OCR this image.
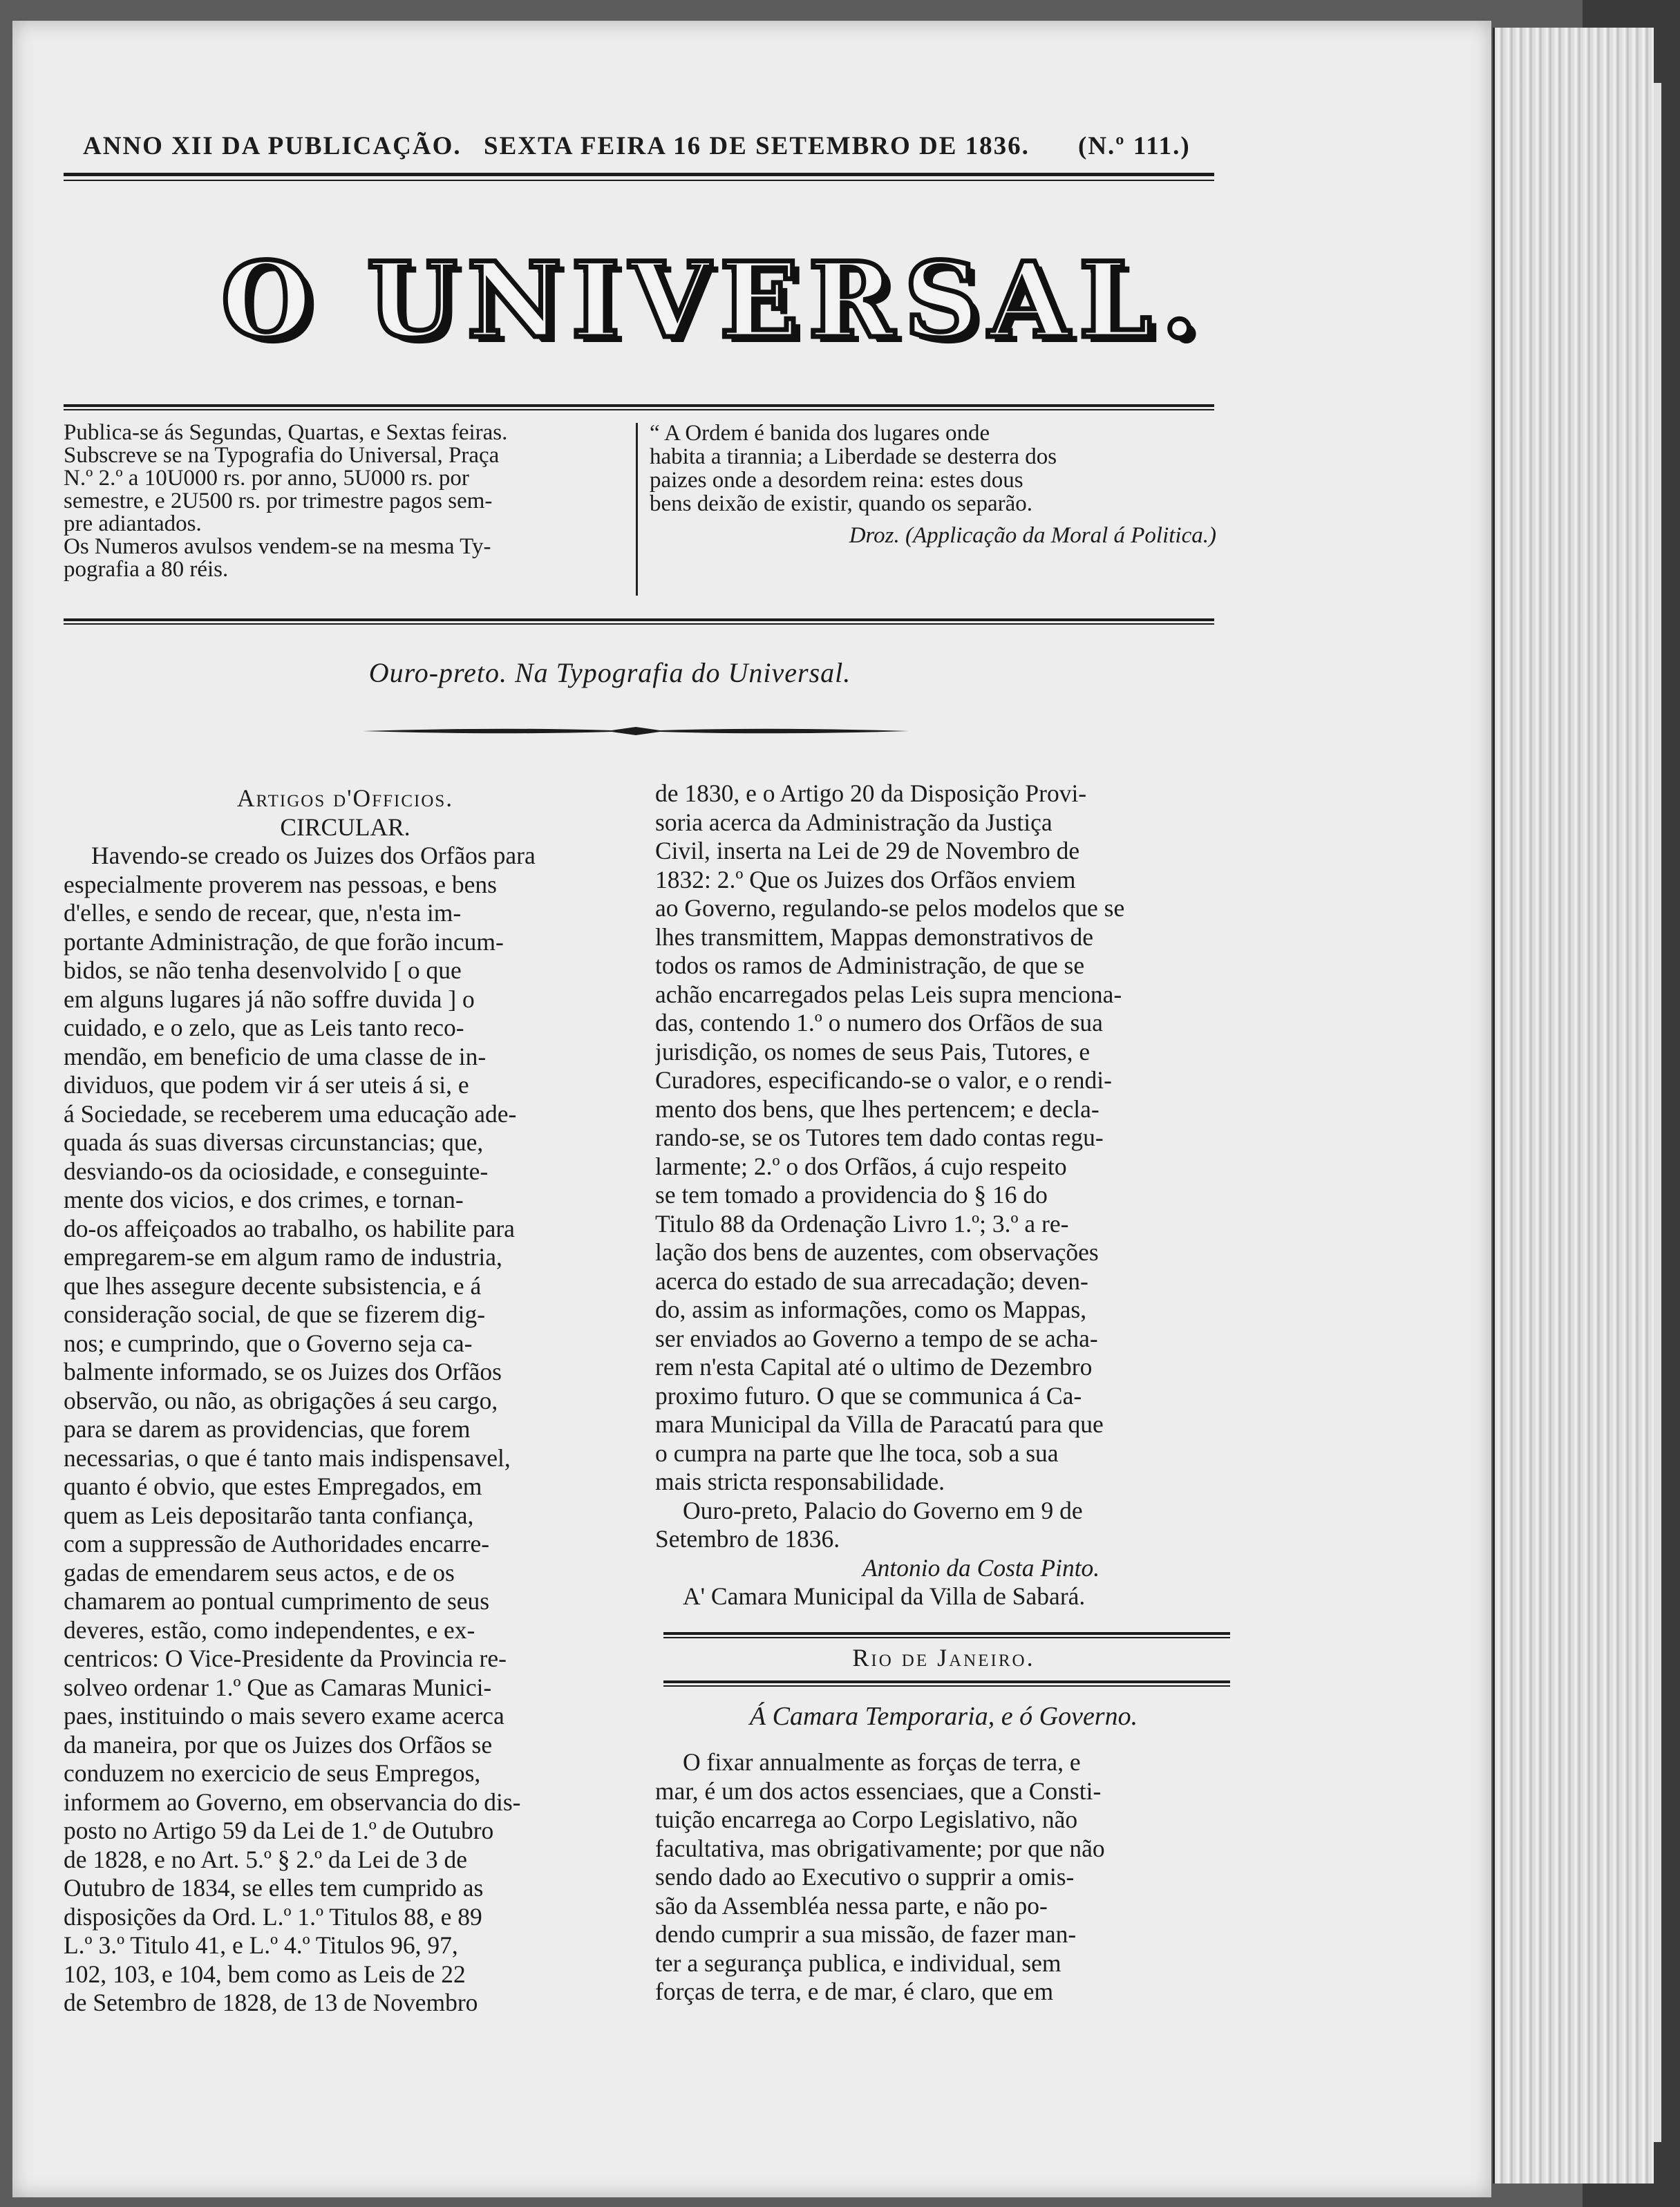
ANNO XII DA PUBLICAÇÃO. SEXTA FEIRA 16 DE SETEMBRO DE 1836. (N.º 111.)
O UNIVERSAL.
Publica-se ás Segundas, Quartas, e Sextas feiras.
Subscreve se na Typografia do Universal, Praça
N.º 2.º a 10U000 rs. por anno, 5U000 rs. por
semestre, e 2U500 rs. por trimestre pagos sem-
pre adiantados.
Os Numeros avulsos vendem-se na mesma Ty-
pografia a 80 réis.
“ A Ordem é banida dos lugares onde
habita a tirannia; a Liberdade se desterra dos
paizes onde a desordem reina: estes dous
bens deixão de existir, quando os separão.
Droz. (Applicação da Moral á Politica.)
Ouro-preto. Na Typografia do Universal.
Artigos d'Officios.
CIRCULAR.
Havendo-se creado os Juizes dos Orfãos para
especialmente proverem nas pessoas, e bens
d'elles, e sendo de recear, que, n'esta im-
portante Administração, de que forão incum-
bidos, se não tenha desenvolvido [ o que
em alguns lugares já não soffre duvida ] o
cuidado, e o zelo, que as Leis tanto reco-
mendão, em beneficio de uma classe de in-
dividuos, que podem vir á ser uteis á si, e
á Sociedade, se receberem uma educação ade-
quada ás suas diversas circunstancias; que,
desviando-os da ociosidade, e conseguinte-
mente dos vicios, e dos crimes, e tornan-
do-os affeiçoados ao trabalho, os habilite para
empregarem-se em algum ramo de industria,
que lhes assegure decente subsistencia, e á
consideração social, de que se fizerem dig-
nos; e cumprindo, que o Governo seja ca-
balmente informado, se os Juizes dos Orfãos
observão, ou não, as obrigações á seu cargo,
para se darem as providencias, que forem
necessarias, o que é tanto mais indispensavel,
quanto é obvio, que estes Empregados, em
quem as Leis depositarão tanta confiança,
com a suppressão de Authoridades encarre-
gadas de emendarem seus actos, e de os
chamarem ao pontual cumprimento de seus
deveres, estão, como independentes, e ex-
centricos: O Vice-Presidente da Provincia re-
solveo ordenar 1.º Que as Camaras Munici-
paes, instituindo o mais severo exame acerca
da maneira, por que os Juizes dos Orfãos se
conduzem no exercicio de seus Empregos,
informem ao Governo, em observancia do dis-
posto no Artigo 59 da Lei de 1.º de Outubro
de 1828, e no Art. 5.º § 2.º da Lei de 3 de
Outubro de 1834, se elles tem cumprido as
disposições da Ord. L.º 1.º Titulos 88, e 89
L.º 3.º Titulo 41, e L.º 4.º Titulos 96, 97,
102, 103, e 104, bem como as Leis de 22
de Setembro de 1828, de 13 de Novembro
de 1830, e o Artigo 20 da Disposição Provi-
soria acerca da Administração da Justiça
Civil, inserta na Lei de 29 de Novembro de
1832: 2.º Que os Juizes dos Orfãos enviem
ao Governo, regulando-se pelos modelos que se
lhes transmittem, Mappas demonstrativos de
todos os ramos de Administração, de que se
achão encarregados pelas Leis supra menciona-
das, contendo 1.º o numero dos Orfãos de sua
jurisdição, os nomes de seus Pais, Tutores, e
Curadores, especificando-se o valor, e o rendi-
mento dos bens, que lhes pertencem; e decla-
rando-se, se os Tutores tem dado contas regu-
larmente; 2.º o dos Orfãos, á cujo respeito
se tem tomado a providencia do § 16 do
Titulo 88 da Ordenação Livro 1.º; 3.º a re-
lação dos bens de auzentes, com observações
acerca do estado de sua arrecadação; deven-
do, assim as informações, como os Mappas,
ser enviados ao Governo a tempo de se acha-
rem n'esta Capital até o ultimo de Dezembro
proximo futuro. O que se communica á Ca-
mara Municipal da Villa de Paracatú para que
o cumpra na parte que lhe toca, sob a sua
mais stricta responsabilidade.
Ouro-preto, Palacio do Governo em 9 de
Setembro de 1836.
Antonio da Costa Pinto.
A' Camara Municipal da Villa de Sabará.
Rio de Janeiro.
Á Camara Temporaria, e ó Governo.
O fixar annualmente as forças de terra, e
mar, é um dos actos essenciaes, que a Consti-
tuição encarrega ao Corpo Legislativo, não
facultativa, mas obrigativamente; por que não
sendo dado ao Executivo o supprir a omis-
são da Assembléa nessa parte, e não po-
dendo cumprir a sua missão, de fazer man-
ter a segurança publica, e individual, sem
forças de terra, e de mar, é claro, que em
